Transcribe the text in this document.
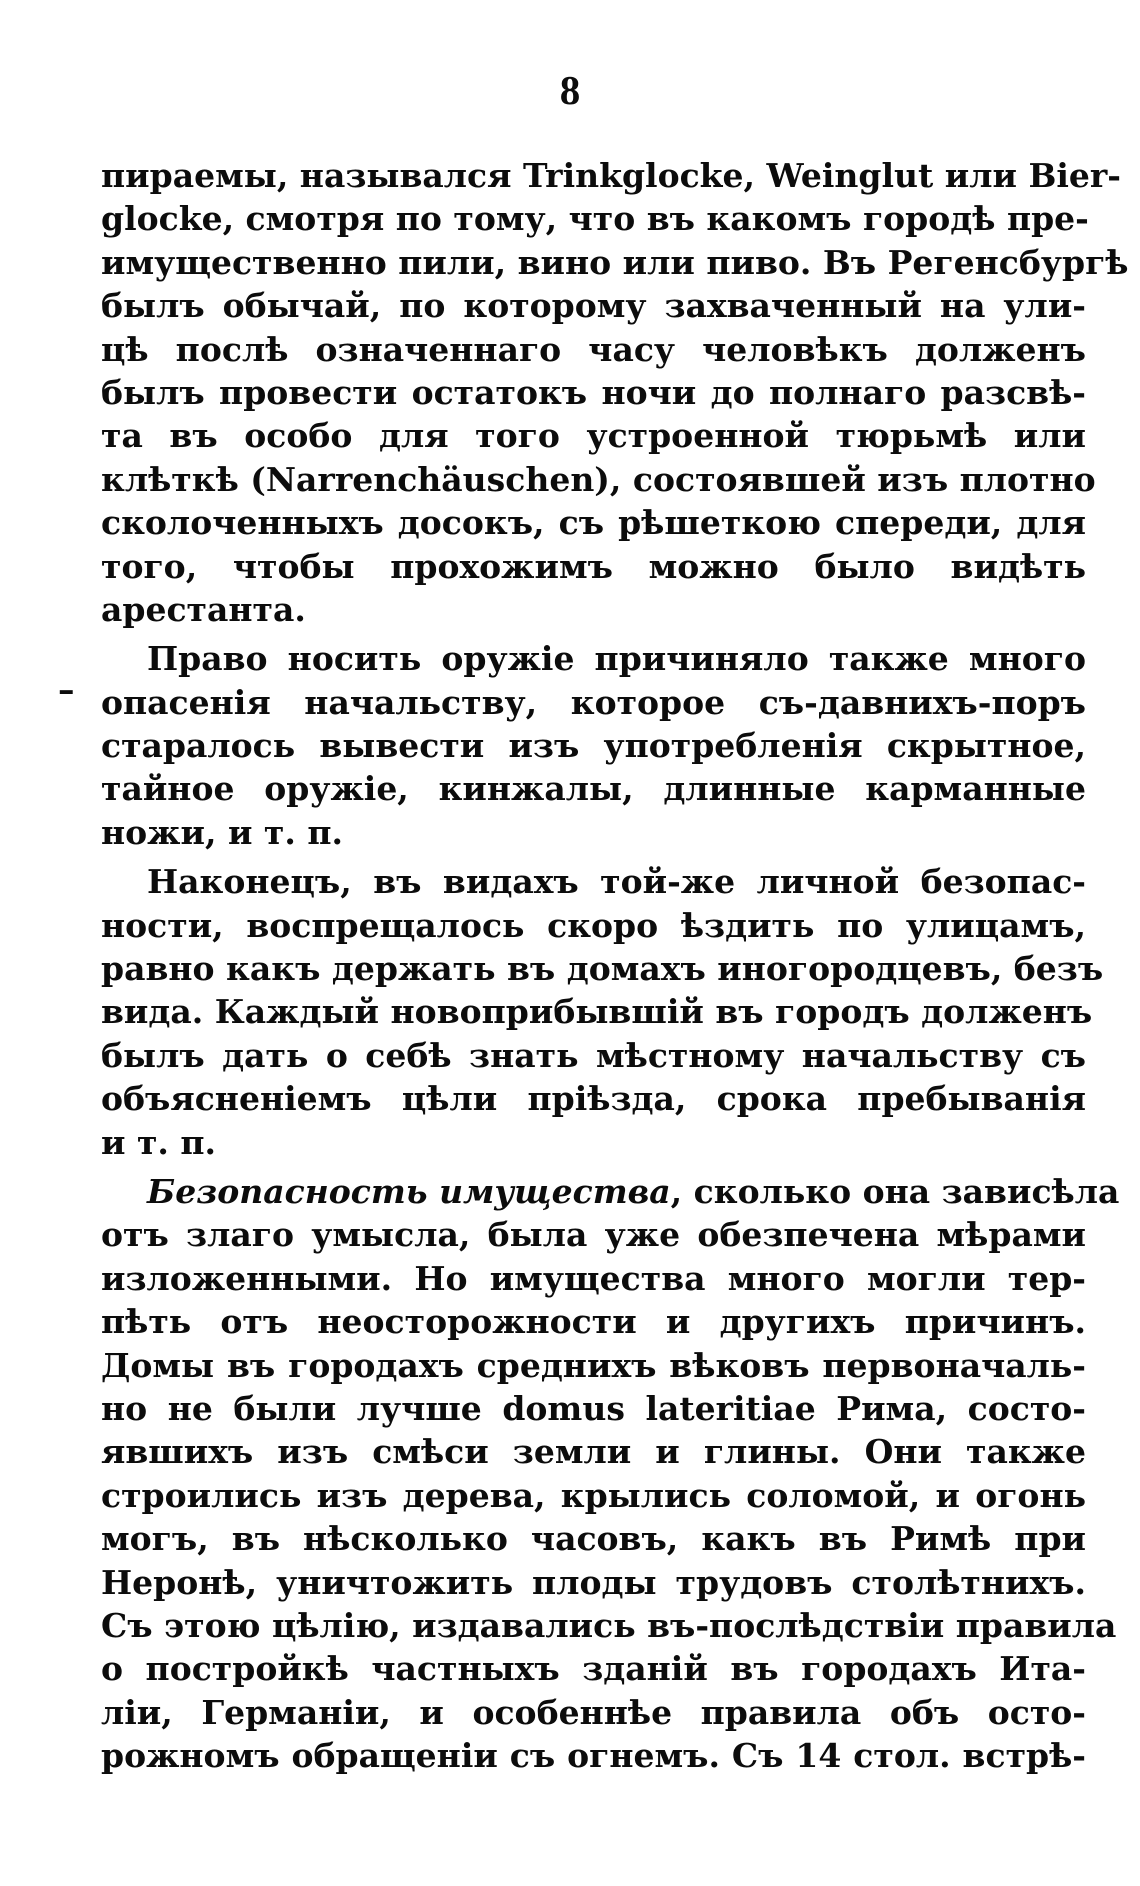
8
–
пираемы, называлcя Trinkglocke, Weinglut или Bier-
glocke, смотря по тому, что въ какомъ городѣ пре-
имущественно пили, вино или пиво. Въ Регенсбургѣ
былъ обычай, по которому захваченный на ули-
цѣ послѣ означеннаго часу человѣкъ долженъ
былъ провести остатокъ ночи до полнаго разсвѣ-
та въ особо для того устроенной тюрьмѣ или
клѣткѣ (Narrenchäuschen), состоявшей изъ плотно
сколоченныхъ досокъ, съ рѣшеткою спереди, для
того, чтобы прохожимъ можно было видѣть
арестанта.
Право носить оружіе причиняло также много
опасенія начальству, которое съ-давнихъ-поръ
старалось вывести изъ употребленія скрытное,
тайное оружіе, кинжалы, длинные карманные
ножи, и т. п.
Наконецъ, въ видахъ той-же личной безопас-
ности, воспрещалось скоро ѣздить по улицамъ,
равно какъ держать въ домахъ иногородцевъ, безъ
вида. Каждый новоприбывшій въ городъ долженъ
былъ дать о себѣ знать мѣстному начальству съ
объясненіемъ цѣли пріѣзда, срока пребыванія
и т. п.
Безопасность имущества, сколько она зависѣла
отъ злаго умысла, была уже обезпечена мѣрами
изложенными. Но имущества много могли тер-
пѣть отъ неосторожности и другихъ причинъ.
Домы въ городахъ среднихъ вѣковъ первоначаль-
но не были лучше domus lateritiae Рима, состо-
явшихъ изъ смѣси земли и глины. Они также
строились изъ дерева, крылись соломой, и огонь
могъ, въ нѣсколько часовъ, какъ въ Римѣ при
Неронѣ, уничтожить плоды трудовъ столѣтнихъ.
Съ этою цѣлію, издавались въ-послѣдствіи правила
о постройкѣ частныхъ зданій въ городахъ Ита-
ліи, Германіи, и особеннѣе правила объ осто-
рожномъ обращеніи съ огнемъ. Съ 14 стол. встрѣ-
